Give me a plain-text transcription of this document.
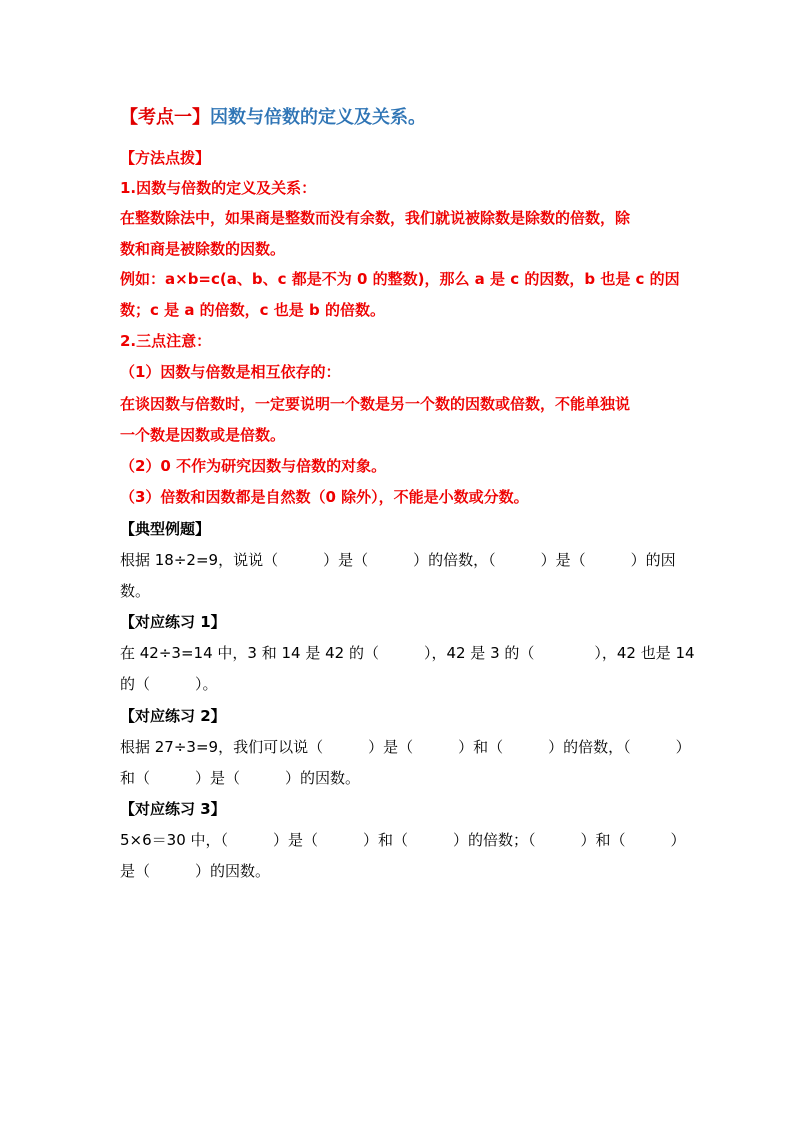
【考点一】因数与倍数的定义及关系。
【方法点拨】
1.因数与倍数的定义及关系：
在整数除法中，如果商是整数而没有余数，我们就说被除数是除数的倍数，除
数和商是被除数的因数。
例如：a×b=c(a、b、c 都是不为 0 的整数)，那么 a 是 c 的因数，b 也是 c 的因
数；c 是 a 的倍数，c 也是 b 的倍数。
2.三点注意：
（1）因数与倍数是相互依存的：
在谈因数与倍数时，一定要说明一个数是另一个数的因数或倍数，不能单独说
一个数是因数或是倍数。
（2）0 不作为研究因数与倍数的对象。
（3）倍数和因数都是自然数（0 除外），不能是小数或分数。
【典型例题】
根据 18÷2=9，说说（　　　）是（　　　）的倍数，（　　　）是（　　　）的因
数。
【对应练习 1】
在 42÷3=14 中，3 和 14 是 42 的（　　　），42 是 3 的（　　　　），42 也是 14
的（　　　）。
【对应练习 2】
根据 27÷3=9，我们可以说（　　　）是（　　　）和（　　　）的倍数，（　　　）
和（　　　）是（　　　）的因数。
【对应练习 3】
5×6＝30 中，（　　　）是（　　　）和（　　　）的倍数；（　　　）和（　　　）
是（　　　）的因数。
